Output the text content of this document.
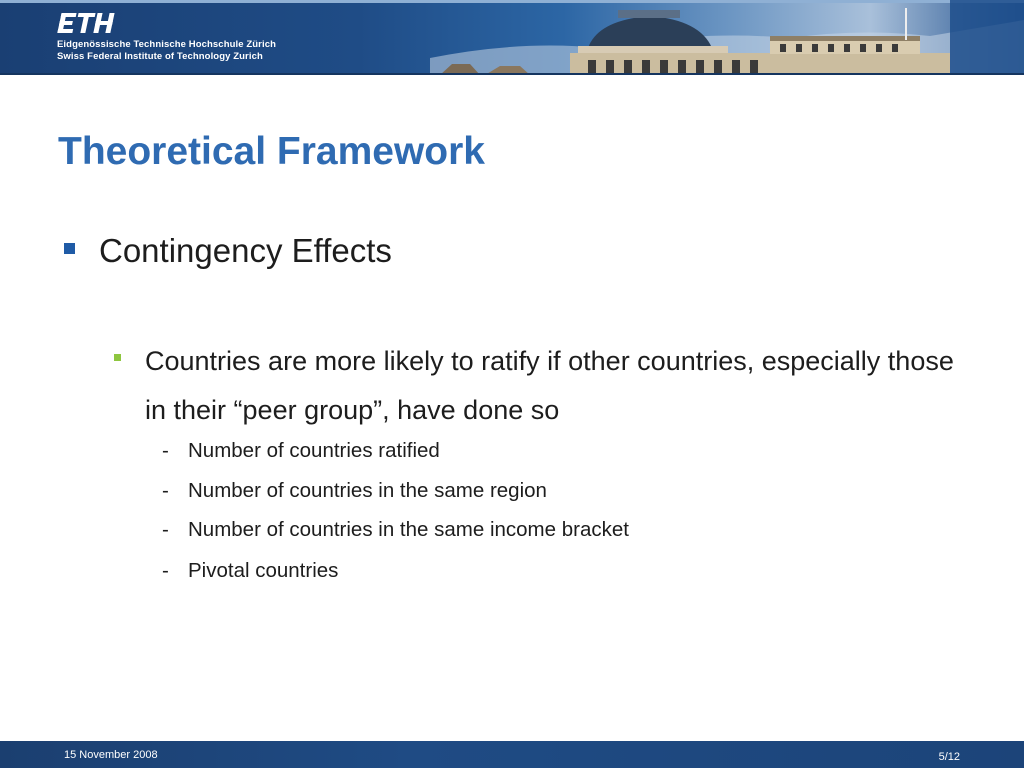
Eidgenössische Technische Hochschule Zürich
Swiss Federal Institute of Technology Zurich
Theoretical Framework
Contingency Effects
Countries are more likely to ratify if other countries, especially those in their “peer group”, have done so
- Number of countries ratified
- Number of countries in the same region
- Number of countries in the same income bracket
- Pivotal countries
15 November 2008	5/12
